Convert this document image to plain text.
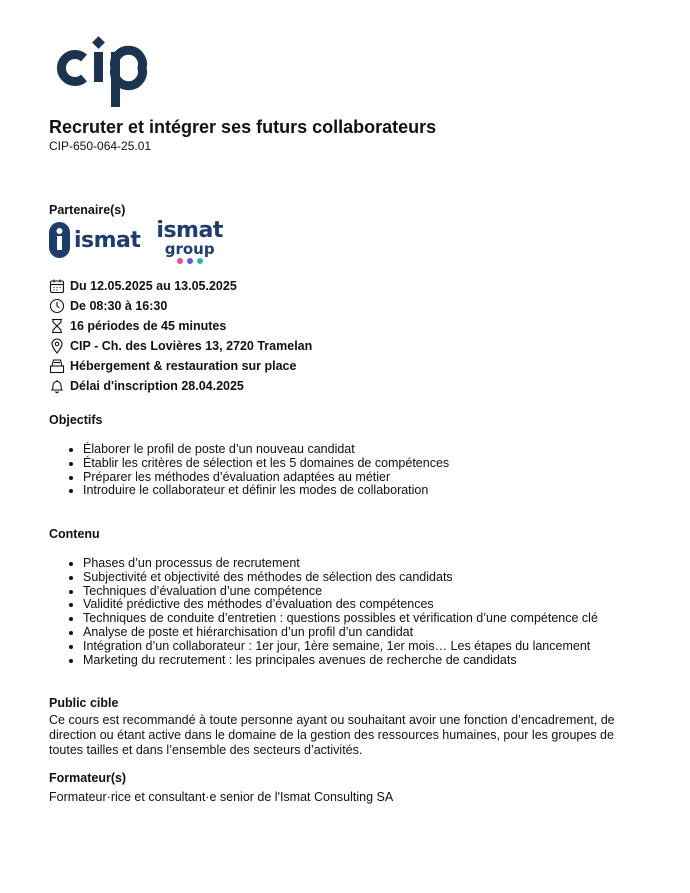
Recruter et intégrer ses futurs collaborateurs
CIP-650-064-25.01
Partenaire(s)
ismat ismat
group
Du 12.05.2025 au 13.05.2025
De 08:30 à 16:30
16 périodes de 45 minutes
CIP - Ch. des Lovières 13, 2720 Tramelan
Hébergement & restauration sur place
Délai d'inscription 28.04.2025
Objectifs
• Élaborer le profil de poste d’un nouveau candidat
• Établir les critères de sélection et les 5 domaines de compétences
• Préparer les méthodes d’évaluation adaptées au métier
• Introduire le collaborateur et définir les modes de collaboration
Contenu
• Phases d’un processus de recrutement
• Subjectivité et objectivité des méthodes de sélection des candidats
• Techniques d’évaluation d’une compétence
• Validité prédictive des méthodes d’évaluation des compétences
• Techniques de conduite d’entretien : questions possibles et vérification d’une compétence clé
• Analyse de poste et hiérarchisation d’un profil d’un candidat
• Intégration d’un collaborateur : 1er jour, 1ère semaine, 1er mois… Les étapes du lancement
• Marketing du recrutement : les principales avenues de recherche de candidats
Public cible

Ce cours est recommandé à toute personne ayant ou souhaitant avoir une fonction d’encadrement, de direction ou étant active dans le domaine de la gestion des ressources humaines, pour les groupes de toutes tailles et dans l’ensemble des secteurs d’activités.

Formateur(s)

Formateur·rice et consultant·e senior de l'Ismat Consulting SA
